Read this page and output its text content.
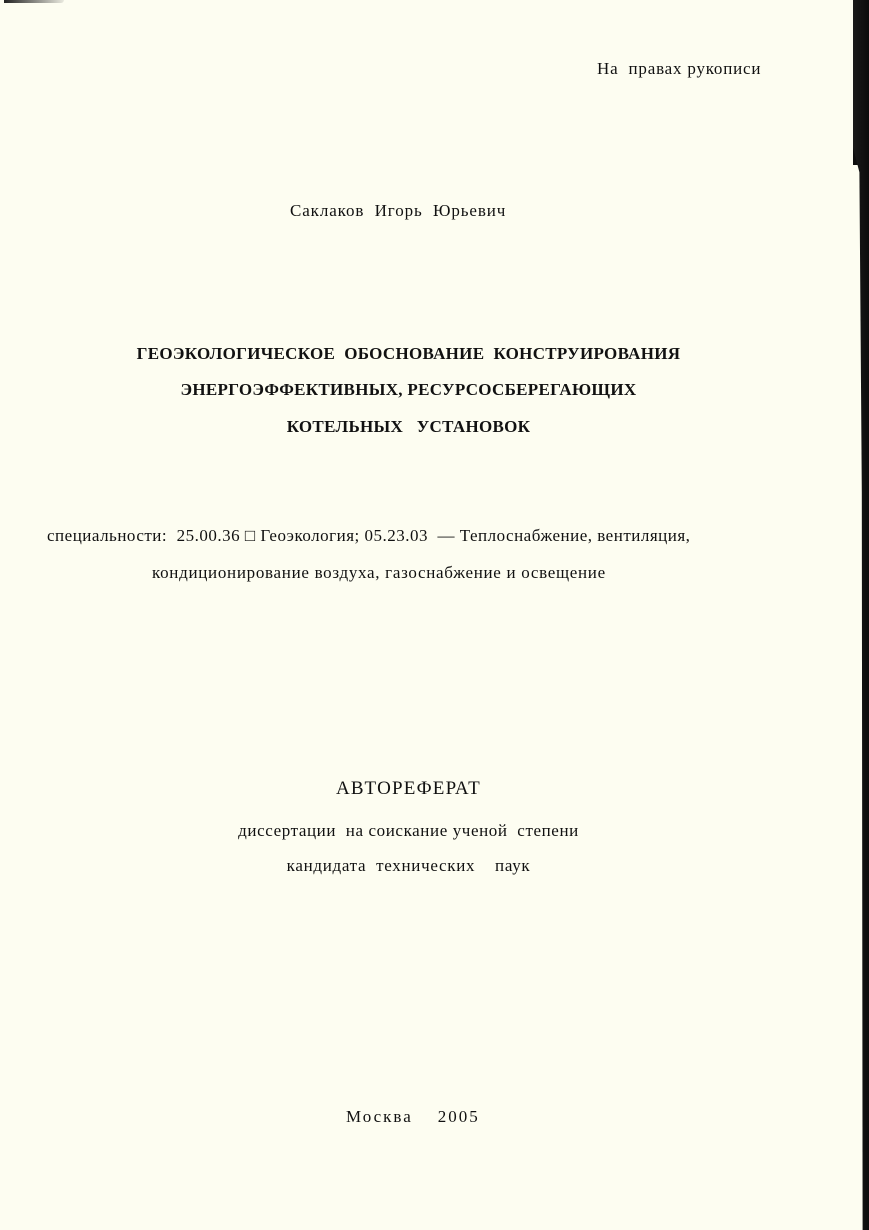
На  правах рукописи
Саклаков  Игорь  Юрьевич
ГЕОЭКОЛОГИЧЕСКОЕ  ОБОСНОВАНИЕ  КОНСТРУИРОВАНИЯ
ЭНЕРГОЭФФЕКТИВНЫХ, РЕСУРСОСБЕРЕГАЮЩИХ
КОТЕЛЬНЫХ   УСТАНОВОК
специальности:  25.00.36 □ Геоэкология; 05.23.03  — Теплоснабжение, вентиляция,
кондиционирование воздуха, газоснабжение и освещение
АВТОРЕФЕРАТ
диссертации  на соискание ученой  степени
кандидата  технических    паук
Москва    2005
